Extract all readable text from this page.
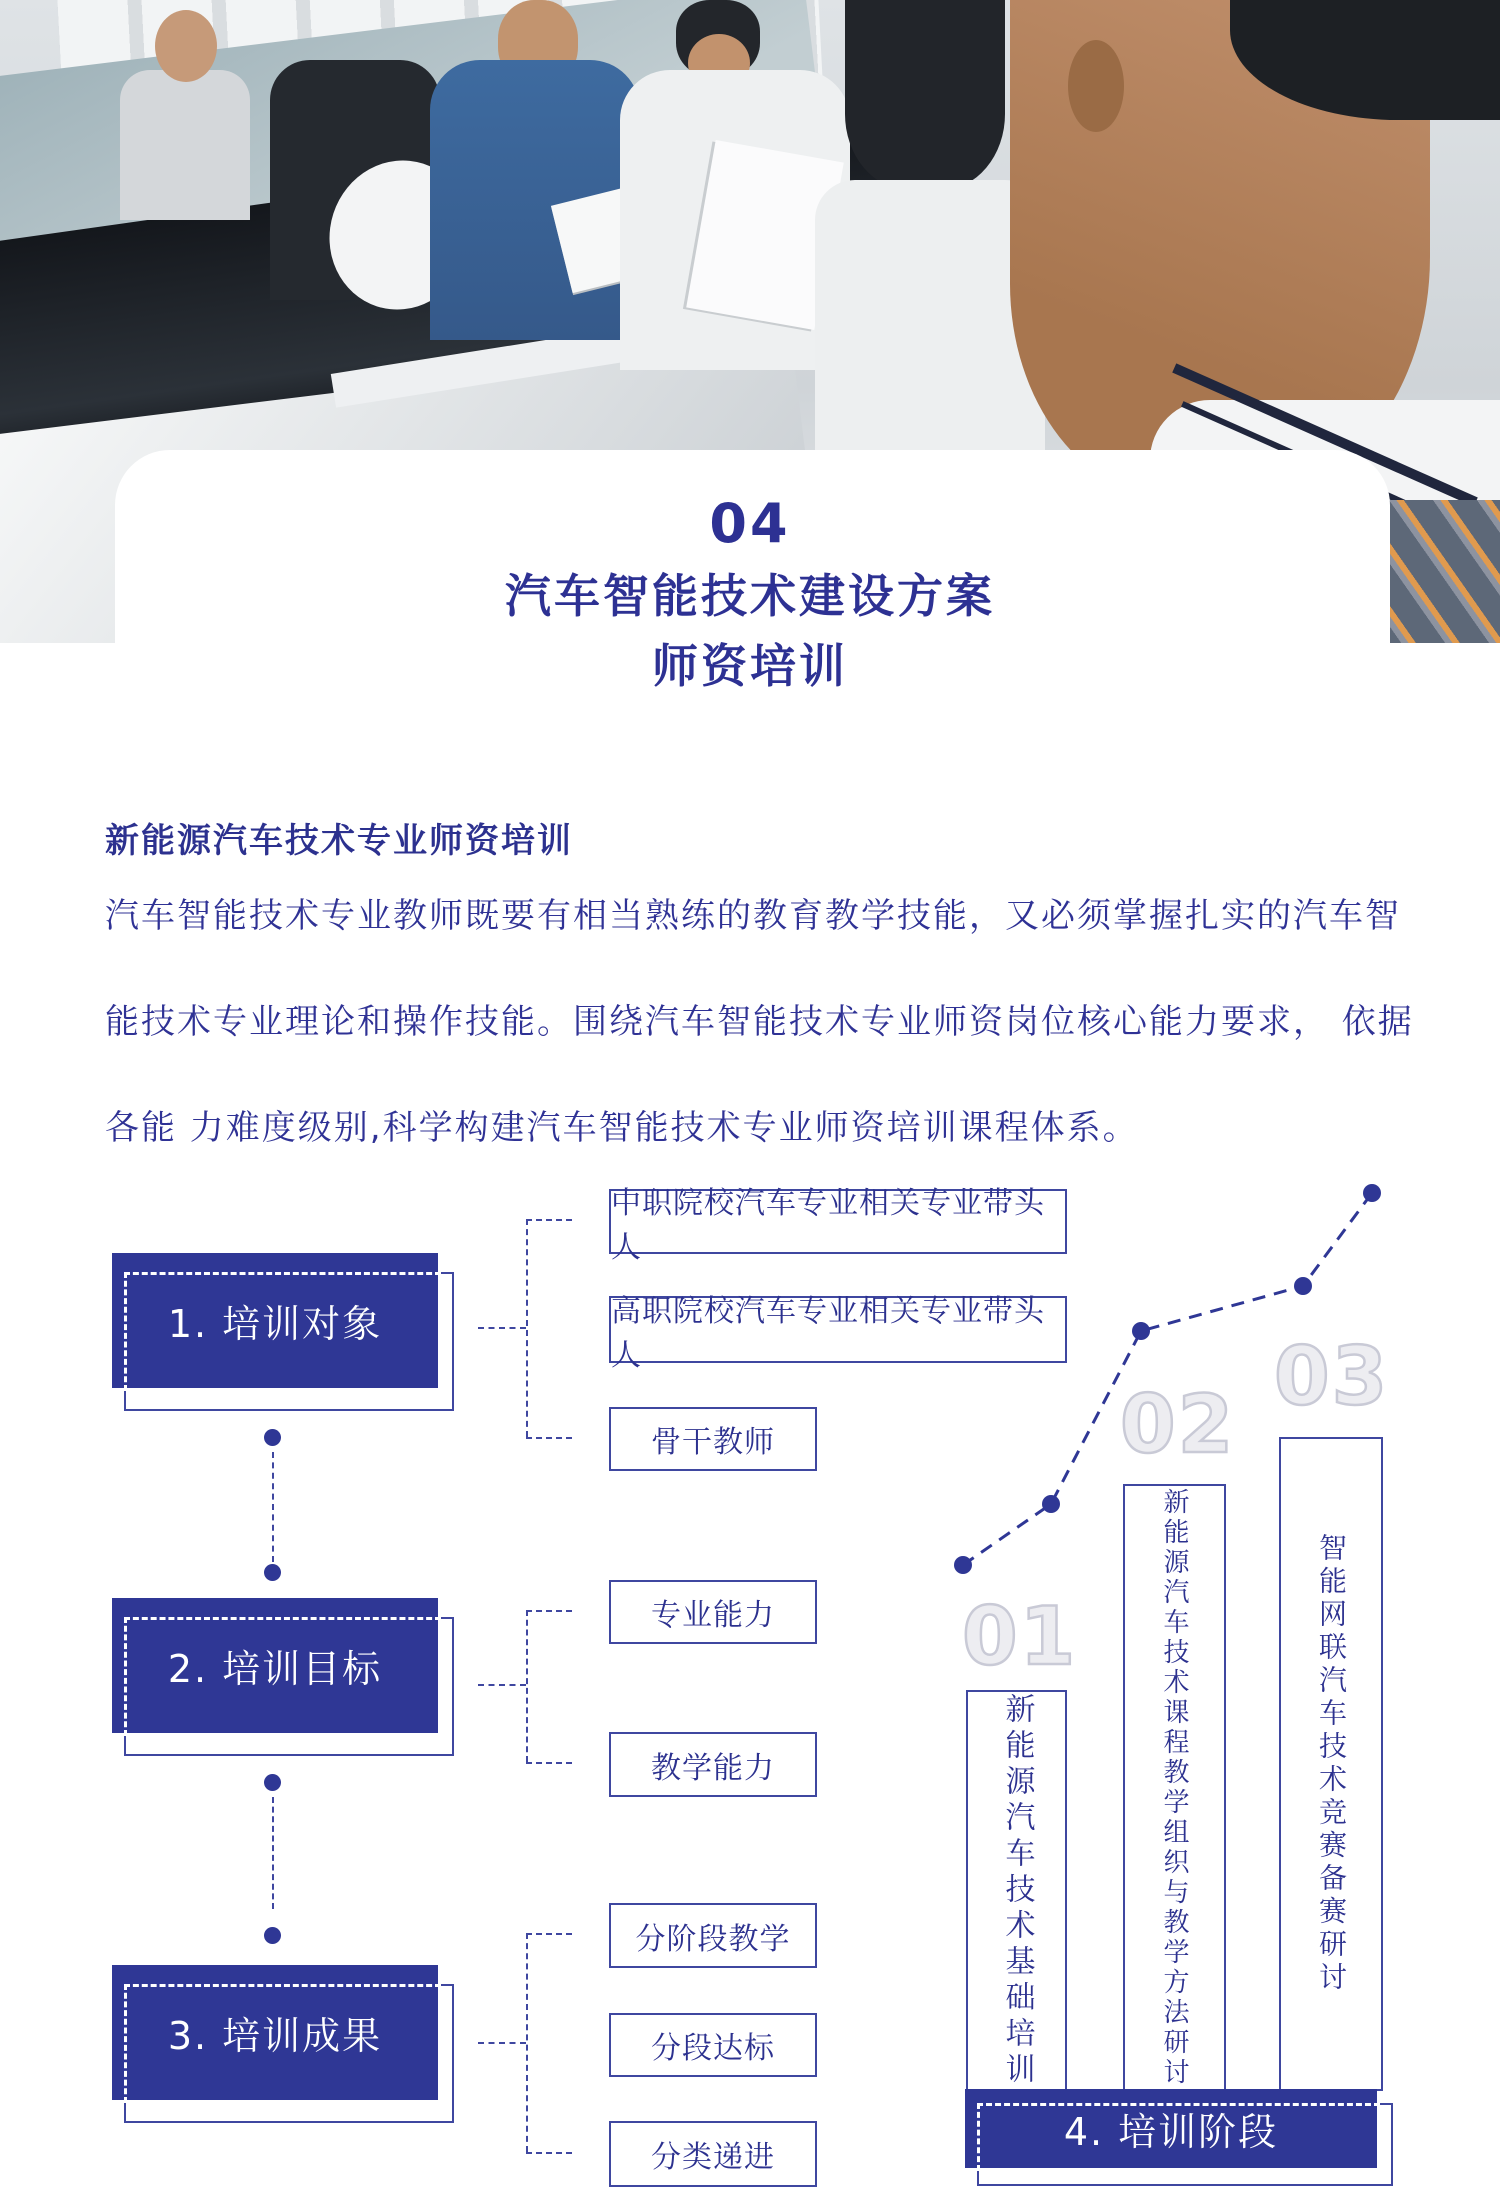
04
汽车智能技术建设方案
师资培训
新能源汽车技术专业师资培训
汽车智能技术专业教师既要有相当熟练的教育教学技能，又必须掌握扎实的汽车智
能技术专业理论和操作技能。围绕汽车智能技术专业师资岗位核心能力要求， 依据
各能 力难度级别,科学构建汽车智能技术专业师资培训课程体系。
1. 培训对象
中职院校汽车专业相关专业带头人
高职院校汽车专业相关专业带头人
骨干教师
2. 培训目标
专业能力
教学能力
3. 培训成果
分阶段教学
分段达标
分类递进
01
02
03
新能源汽车技术基础培训	新能源汽车技术课程教学组织与教学方法研讨	智能网联汽车技术竞赛备赛研讨
4. 培训阶段
